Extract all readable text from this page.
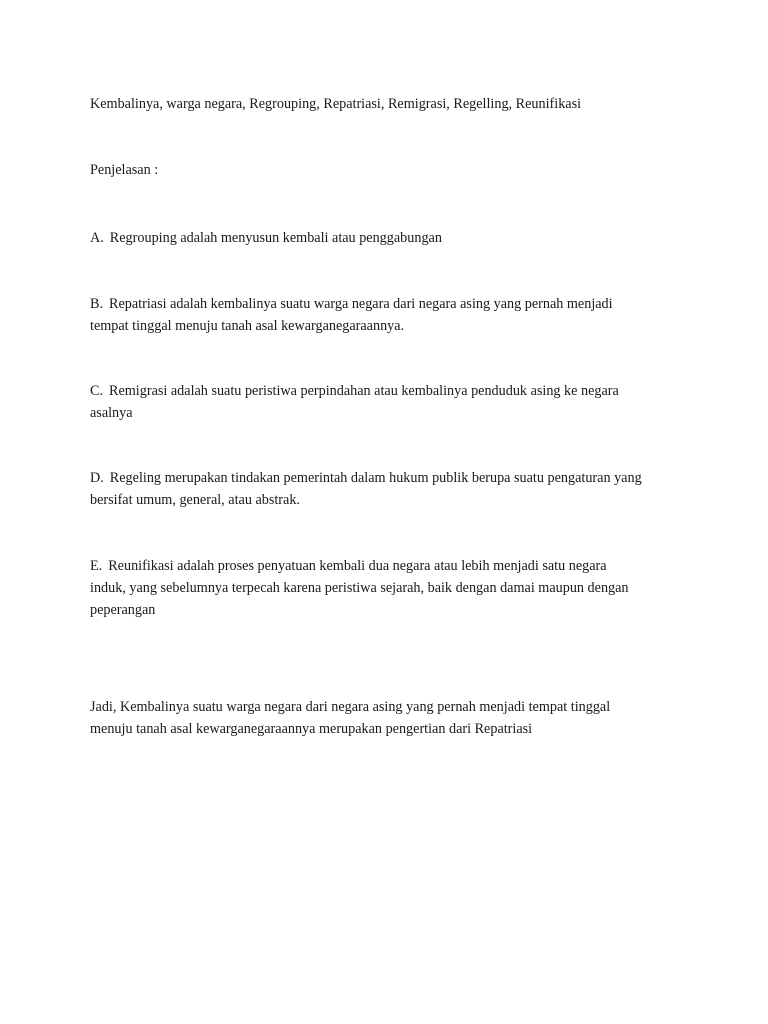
Kembalinya, warga negara, Regrouping, Repatriasi, Remigrasi, Regelling, Reunifikasi
Penjelasan :
A. Regrouping adalah menyusun kembali atau penggabungan
B. Repatriasi adalah kembalinya suatu warga negara dari negara asing yang pernah menjadi
tempat tinggal menuju tanah asal kewarganegaraannya.
C. Remigrasi adalah suatu peristiwa perpindahan atau kembalinya penduduk asing ke negara
asalnya
D. Regeling merupakan tindakan pemerintah dalam hukum publik berupa suatu pengaturan yang
bersifat umum, general, atau abstrak.
E. Reunifikasi adalah proses penyatuan kembali dua negara atau lebih menjadi satu negara
induk, yang sebelumnya terpecah karena peristiwa sejarah, baik dengan damai maupun dengan
peperangan
Jadi, Kembalinya suatu warga negara dari negara asing yang pernah menjadi tempat tinggal
menuju tanah asal kewarganegaraannya merupakan pengertian dari Repatriasi
